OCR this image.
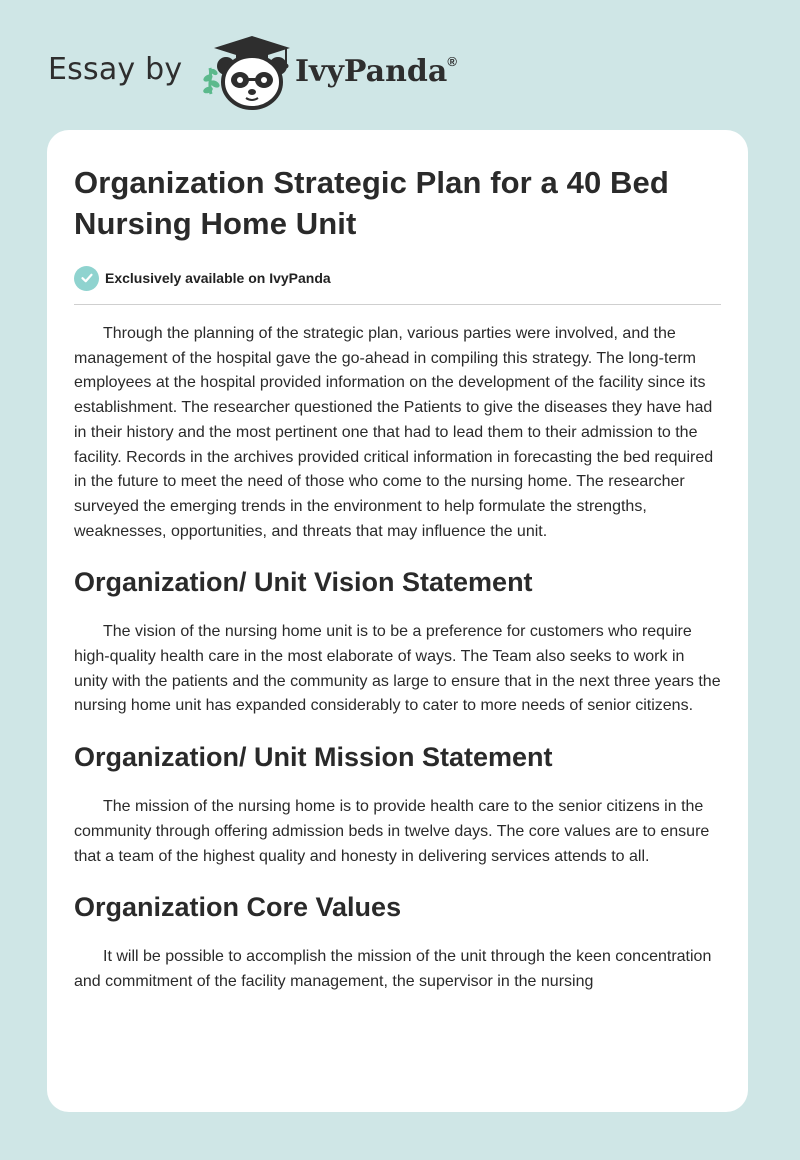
Essay by	IvyPanda®
Organization Strategic Plan for a 40 Bed Nursing Home Unit
Exclusively available on IvyPanda

Through the planning of the strategic plan, various parties were involved, and the management of the hospital gave the go-ahead in compiling this strategy. The long-term employees at the hospital provided information on the development of the facility since its establishment. The researcher questioned the Patients to give the diseases they have had in their history and the most pertinent one that had to lead them to their admission to the facility. Records in the archives provided critical information in forecasting the bed required in the future to meet the need of those who come to the nursing home. The researcher surveyed the emerging trends in the environment to help formulate the strengths, weaknesses, opportunities, and threats that may influence the unit.

Organization/ Unit Vision Statement

The vision of the nursing home unit is to be a preference for customers who require high-quality health care in the most elaborate of ways. The Team also seeks to work in unity with the patients and the community as large to ensure that in the next three years the nursing home unit has expanded considerably to cater to more needs of senior citizens.

Organization/ Unit Mission Statement

The mission of the nursing home is to provide health care to the senior citizens in the community through offering admission beds in twelve days. The core values are to ensure that a team of the highest quality and honesty in delivering services attends to all.

Organization Core Values

It will be possible to accomplish the mission of the unit through the keen concentration and commitment of the facility management, the supervisor in the nursing
